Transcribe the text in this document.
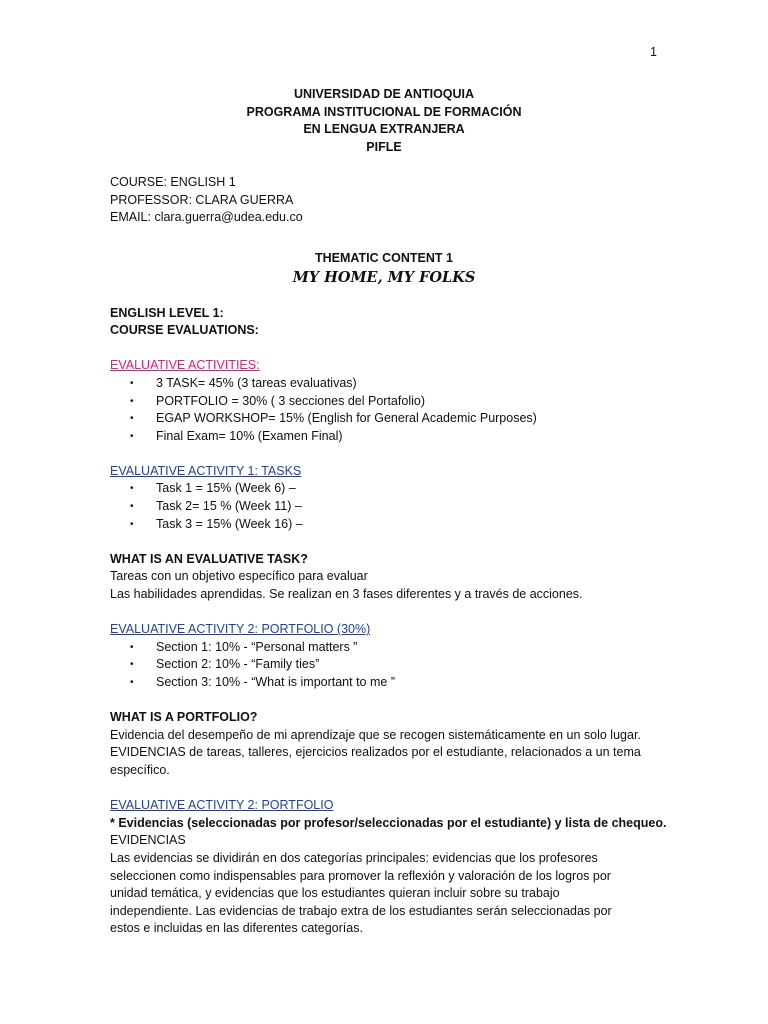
1
UNIVERSIDAD DE ANTIOQUIA
PROGRAMA INSTITUCIONAL DE FORMACIÓN
EN LENGUA EXTRANJERA
PIFLE
COURSE: ENGLISH 1
PROFESSOR: CLARA GUERRA
EMAIL: clara.guerra@udea.edu.co
THEMATIC CONTENT 1
MY HOME, MY FOLKS
ENGLISH LEVEL 1:
COURSE EVALUATIONS:
EVALUATIVE ACTIVITIES:
• 3 TASK= 45% (3 tareas evaluativas)
• PORTFOLIO = 30% ( 3 secciones del Portafolio)
• EGAP WORKSHOP= 15% (English for General Academic Purposes)
• Final Exam= 10% (Examen Final)
EVALUATIVE ACTIVITY 1: TASKS
• Task 1 = 15% (Week 6) –
• Task 2= 15 % (Week 11) –
• Task 3 = 15% (Week 16) –
WHAT IS AN EVALUATIVE TASK?
Tareas con un objetivo específico para evaluar
Las habilidades aprendidas. Se realizan en 3 fases diferentes y a través de acciones.
EVALUATIVE ACTIVITY 2: PORTFOLIO (30%)
• Section 1: 10% - “Personal matters ”
• Section 2: 10% - “Family ties”
• Section 3: 10% - “What is important to me ”
WHAT IS A PORTFOLIO?
Evidencia del desempeño de mi aprendizaje que se recogen sistemáticamente en un solo lugar.
EVIDENCIAS de tareas, talleres, ejercicios realizados por el estudiante, relacionados a un tema
específico.
EVALUATIVE ACTIVITY 2: PORTFOLIO
* Evidencias (seleccionadas por profesor/seleccionadas por el estudiante) y lista de chequeo.
EVIDENCIAS
Las evidencias se dividirán en dos categorías principales: evidencias que los profesores
seleccionen como indispensables para promover la reflexión y valoración de los logros por
unidad temática, y evidencias que los estudiantes quieran incluir sobre su trabajo
independiente. Las evidencias de trabajo extra de los estudiantes serán seleccionadas por
estos e incluidas en las diferentes categorías.
